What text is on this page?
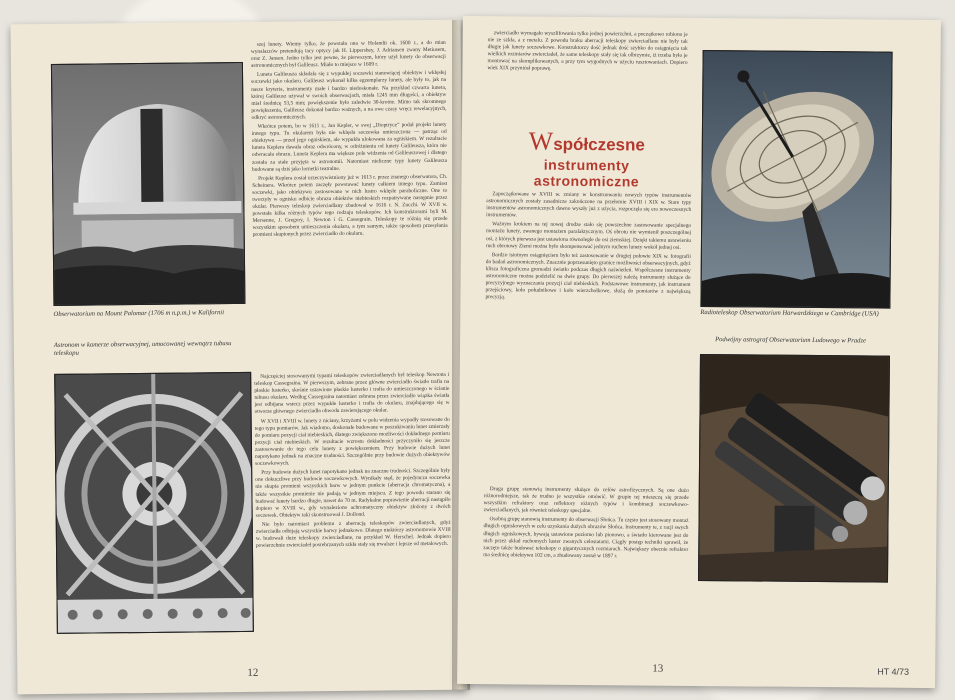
Obserwatorium na Mount Palomar (1706 m n.p.m.) w Kalifornii
Astronom w kamerze obserwacyjnej, umocowanej wewnątrz tubusu teleskopu

szej lunety. Wiemy tylko, że powstała ona w Holandii ok. 1600 r., a do mian wynalazców pretendują tacy optycy jak H. Lippershey, J. Adriansen zwany Metiusem, oraz Z. Jansen. Jedno tylko jest pewne, że pierwszym, który użył lunety do obserwacji astronomicznych był Galileusz. Miało to miejsce w 1609 r.

Luneta Galileusza składała się z wypukłej soczewki stanowiącej obiektyw i wklęsłej soczewki jako okularu. Galileusz wykonał kilka egzemplarzy lunety, ale były to, jak na nasze kryteria, instrumenty małe i bardzo niedoskonałe. Na przykład czwarta luneta, której Galileusz używał w swoich obserwacjach, miała 1245 mm długości, a obiektyw miał średnicę 53,5 mm; powiększenie było zaledwie 30-krotne. Mimo tak skromnego powiększenia, Galileusz dokonał bardzo ważnych, a na owe czasy wręcz rewelacyjnych, odkryć astronomicznych.

Wkrótce potem, bo w 1611 r., Jan Kepler, w swej „Dioptryce” podał projekt lunety innego typu. Tu okularem była nie wklęsła soczewka umieszczona — patrząc od obiektywu — przed jego ogniskiem, ale wypukła ulokowana za ogniskiem. W rezultacie luneta Keplera dawała obraz odwrócony, w odróżnieniu od lunety Galileusza, która nie odwracała obrazu. Luneta Keplera ma większe pole widzenia od Galileuszowej i dlatego została za stałe przyjęta w astronomii. Natomiast nieliczne typy lunety Galileusza budowane są dziś jako lornetki teatralne.

Projekt Keplera został urzeczywistniony już w 1613 r. przez znanego obserwatora, Ch. Scheinera. Wkrótce potem zaczęły powstawać lunety całkiem innego typu. Zamiast soczewki, jako obiektywu zastosowano w nich lustro wklęsłe paraboliczne. One to tworzyły w ognisku odbicie obrazu obiektów niebieskich rozpatrywane następnie przez okular. Pierwszy teleskop zwierciadlany zbudował w 1616 r. N. Zucchi. W XVII w. powstała kilka różnych typów tego rodzaju teleskopów. Ich konstruktorami byli M. Mersenne, J. Gregory, I. Newton i G. Cassegrain. Teleskopy te różnią się przede wszystkim sposobem umieszczenia okularu, a tym samym, także sposobem przesyłania promieni skupionych przez zwierciadło do okularu.

Najczęściej stosowanymi typami teleskopów zwierciadlanych był teleskop Newtona i teleskop Cassegraina. W pierwszym, zebrane przez główne zwierciadło światło trafia na płaskie lusterko, skośnie ustawione płaskie lusterko i trafia do umieszczonego w ścianie tubusu okularu. Według Cassegraina natomiast zebrana przez zwierciadło wiązka światła jest odbijana wstecz przez wypukłe lusterko i trafia do okularu, znajdującego się w otworze głównego zwierciadła obwodu zawierającego okular.

W XVII i XVIII w. lunety z niciany, krzyżami w polu widzenia wypadły stosowane do tego typu pomiarów. Jak wiadomo, doskonałe budowane w poszukiwaniu lunet zmierzały do pomiaru pozycji ciał niebieskich, dlatego zwiększono możliwości dokładnego pomiaru pozycji ciał niebieskich. W rezultacie wzrostu dokładności przyczyniło się jeszcze zastosowanie do tego celu lunety z powiększeniem. Przy budowie dużych lunet napotykano jednak na znaczne trudności. Szczególnie przy budowie dużych obiektywów soczewkowych.

Przy budowie dużych lunet napotykano jednak na znaczne trudności. Szczególnie były one dokuczliwe przy budowie soczewkowych. Wynikały stąd, że pojedyncza soczewka nie skupia promieni wszystkich barw w jednym punkcie (aberracja chromatyczna), a także wszystkie promienie nie padają w jednym miejscu. Z tego powodu starano się budować lunety bardzo długie, nawet do 70 m. Radykalne poprawienie aberracji nastąpiło dopiero w XVIII w., gdy wynaleziono achromatyczny obiektyw złożony z dwóch soczewek. Obiektyw taki skonstruował J. Dollond.

Nie było natomiast problemu z aberracją teleskopów zwierciadlanych, gdyż zwierciadła odbijają wszystkie barwy jednakowo. Dlatego niektórzy astronomowie XVIII w. budowali duże teleskopy zwierciadlane, na przykład W. Herschel. Jednak dopiero powierzchnie zwierciadeł posrebrzanych szkła stały się trwalsze i lepsze od metalowych.

12

zwierciadło wymagało wyszlifowania tylko jednej powierzchni, a początkowo robiono je nie ze szkła, a z metalu. Z powodu braku aberracji teleskopy zwierciadlane nie były tak długie jak lunety soczewkowe. Konstruktorzy dość jednak dość szybko do osiągnięcia tak wielkich rozmiarów zwierciadeł, że same teleskopy stały się tak olbrzymie, iż trzeba było je montować na skomplikowanych, a przy tym wygodnych w użyciu rusztowaniach. Dopiero wiek XIX przyniósł poprawę.

Współczesne
instrumenty
astronomiczne

Zapoczątkowane w XVIII w. zmiany w konstruowaniu nowych typów instrumentów astronomicznych zostały zasadnicze zakończone na przełomie XVIII i XIX w. Stare typy instrumentów astronomicznych dawno wyszły już z użycia, rozpoczęła się era nowoczesnych instrumentów.

Ważnym krokiem na tej nowej drodze stało się powszechne zastosowanie specjalnego montażu lunety, zwanego montażem paralaktycznym. Oś obrotu nie wymienił poszczególnej osi, z których pierwsza jest ustawiona równolegle do osi ziemskiej. Dzięki takiemu ustawieniu ruch obrotowy Ziemi można było skompensować jednym ruchem lunety wokół jednej osi.

Bardzo istotnym osiągnięciem było też zastosowanie w drugiej połowie XIX w. fotografii do badań astronomicznych. Znacznie poprzesunięto granice możliwości obserwacyjnych, gdyż klisza fotograficzna gromadzi światło podczas długich naświetleń. Współczesne instrumenty astronomiczne można podzielić na dwie grupy. Do pierwszej należą instrumenty służące do precyzyjnego wyznaczania pozycji ciał niebieskich. Podstawowe instrumenty, jak instrument przejściowy, koło południkowe i koło wierzchołkowe, służą do pomiarów z największą precyzją.

Druga grupę stanowią instrumenty służące do celów astrofizycznych. Są one dużo różnorodniejsze, tak że trudno je wszystkie omówić. W grupie tej mieszczą się przede wszystkim refraktory oraz reflektory różnych typów i kombinacji soczewkowo-zwierciadlanych, jak również teleskopy specjalne.

Osobną grupę stanowią instrumenty do obserwacji Słońca. Tu często jest stosowany montaż długich ogniskowych w celu uzyskania dużych obrazów Słońca. Instrumenty te, z racji swych długich ogniskowych, bywają ustawione poziomo lub pionowo, a światło kierowane jest do nich przez układ ruchomych luster zwanych celostatami. Ciągły postęp techniki sprawił, że zaczęto także budować teleskopy o gigantycznych rozmiarach. Największy obecnie refraktor ma średnicę obiektywu 102 cm, a zbudowany został w 1897 r.

Radioteleskop Obserwatorium Harwardzkiego w Cambridge (USA)
Podwójny astrograf Obserwatorium Ludowego w Pradze
13	HT 4/73
